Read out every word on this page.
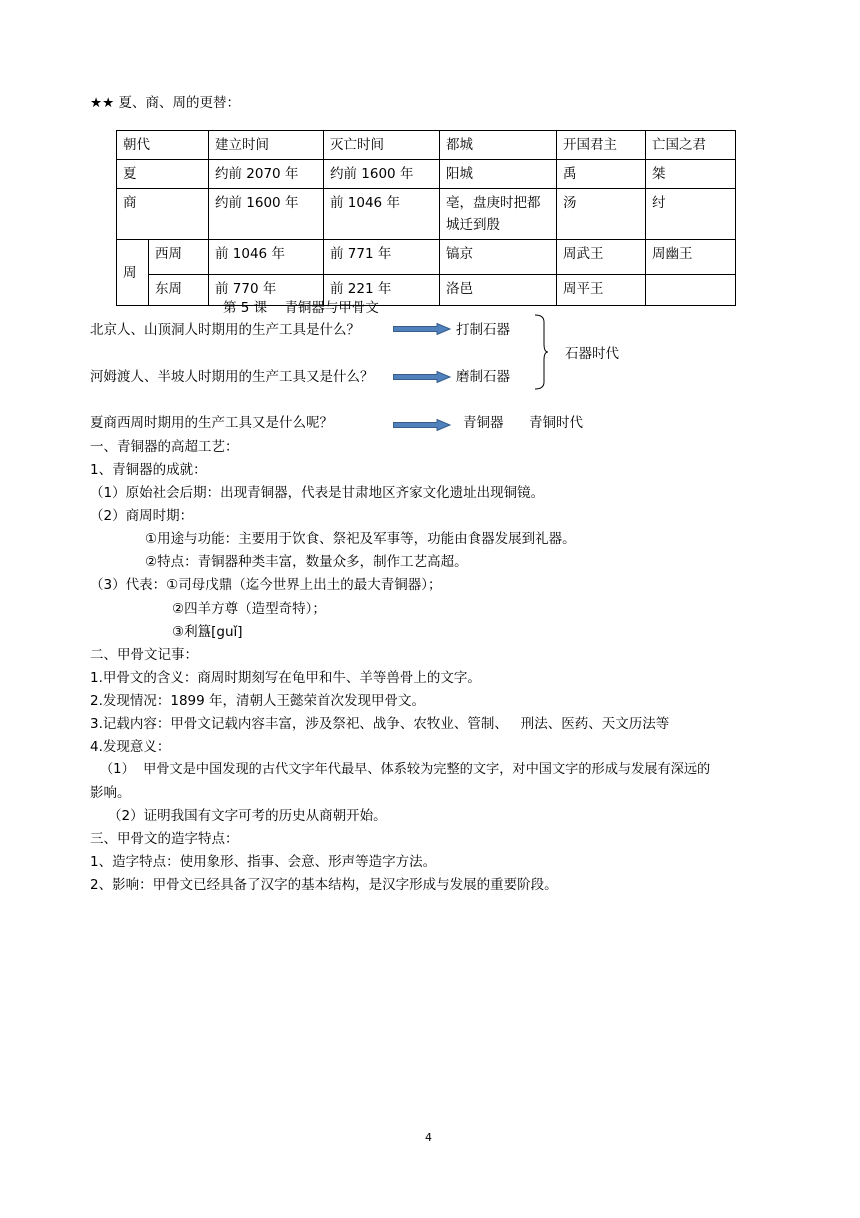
★★ 夏、商、周的更替：
朝代		建立时间	灭亡时间	都城	开国君主	亡国之君
夏		约前 2070 年	约前 1600 年	阳城	禹	桀
商		约前 1600 年	前 1046 年	亳，盘庚时把都城迁到殷	汤	纣
周	西周	前 1046 年	前 771 年	镐京	周武王	周幽王
	东周	前 770 年	前 221 年	洛邑	周平王	
第 5 课    青铜器与甲骨文
北京人、山顶洞人时期用的生产工具是什么？	打制石器
河姆渡人、半坡人时期用的生产工具又是什么？	磨制石器
石器时代
夏商西周时期用的生产工具又是什么呢？	青铜器 青铜时代
一、青铜器的高超工艺：
1、青铜器的成就：
（1）原始社会后期：出现青铜器，代表是甘肃地区齐家文化遗址出现铜镜。
（2）商周时期：
①用途与功能：主要用于饮食、祭祀及军事等，功能由食器发展到礼器。
②特点：青铜器种类丰富，数量众多，制作工艺高超。
（3）代表：①司母戊鼎（迄今世界上出土的最大青铜器）；
②四羊方尊（造型奇特）；
③利簋[guǐ]
二、甲骨文记事：
1.甲骨文的含义：商周时期刻写在龟甲和牛、羊等兽骨上的文字。
2.发现情况：1899 年，清朝人王懿荣首次发现甲骨文。
3.记载内容：甲骨文记载内容丰富，涉及祭祀、战争、农牧业、管制、   刑法、医药、天文历法等
4.发现意义：
（1）  甲骨文是中国发现的古代文字年代最早、体系较为完整的文字，对中国文字的形成与发展有深远的
影响。
（2）证明我国有文字可考的历史从商朝开始。
三、甲骨文的造字特点：
1、造字特点：使用象形、指事、会意、形声等造字方法。
2、影响：甲骨文已经具备了汉字的基本结构，是汉字形成与发展的重要阶段。
4
